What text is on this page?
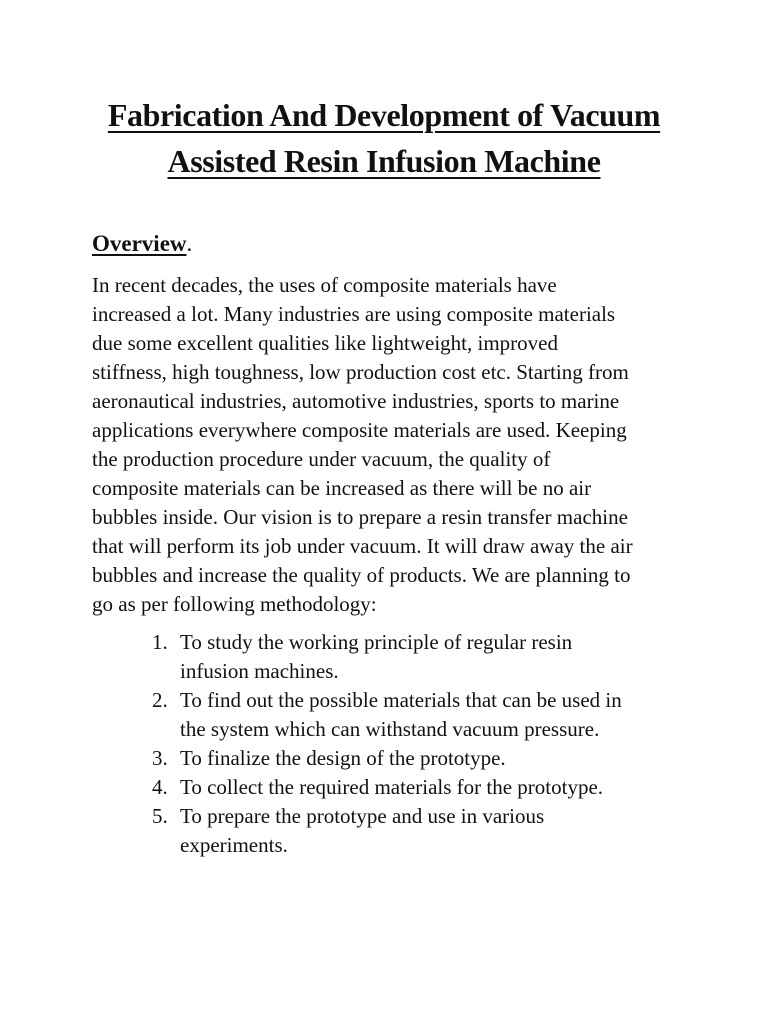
Fabrication And Development of Vacuum
Assisted Resin Infusion Machine
Overview.

In recent decades, the uses of composite materials have
increased a lot. Many industries are using composite materials
due some excellent qualities like lightweight, improved
stiffness, high toughness, low production cost etc. Starting from
aeronautical industries, automotive industries, sports to marine
applications everywhere composite materials are used. Keeping
the production procedure under vacuum, the quality of
composite materials can be increased as there will be no air
bubbles inside. Our vision is to prepare a resin transfer machine
that will perform its job under vacuum. It will draw away the air
bubbles and increase the quality of products. We are planning to
go as per following methodology:

1. To study the working principle of regular resin
infusion machines.
2. To find out the possible materials that can be used in
the system which can withstand vacuum pressure.
3. To finalize the design of the prototype.
4. To collect the required materials for the prototype.
5. To prepare the prototype and use in various
experiments.
